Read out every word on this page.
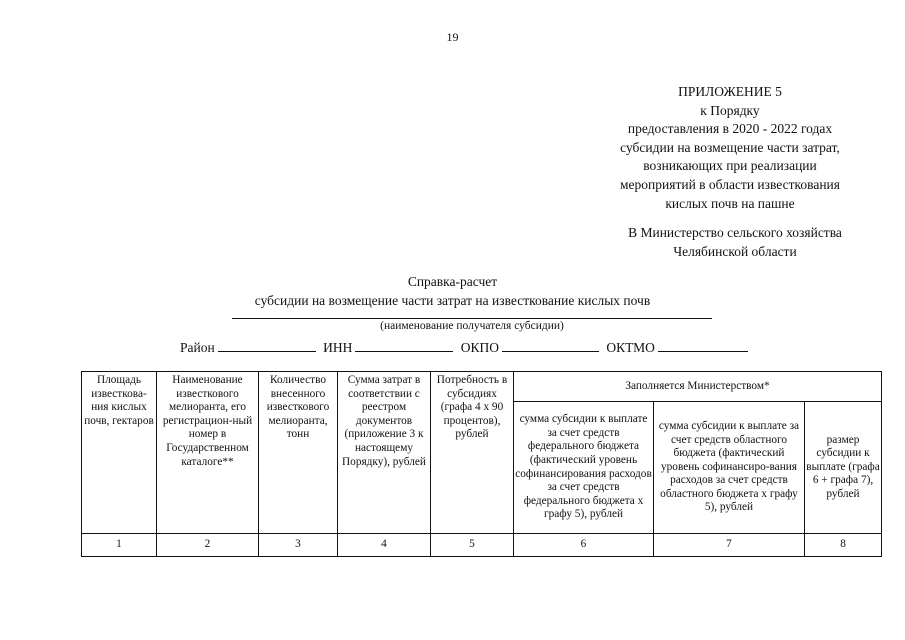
19
ПРИЛОЖЕНИЕ 5
к Порядку
предоставления в 2020 - 2022 годах
субсидии на возмещение части затрат,
возникающих при реализации
мероприятий в области известкования
кислых почв на пашне
В Министерство сельского хозяйства
Челябинской области
Справка-расчет
субсидии на возмещение части затрат на известкование кислых почв
(наименование получателя субсидии)
Район	ИНН	ОКПО	ОКТМО
Площадь известкова-ния кислых почв, гектаров	Наименование известкового мелиоранта, его регистрацион-ный номер в Государственном каталоге**	Количество внесенного известкового мелиоранта, тонн	Сумма затрат в соответствии с реестром документов (приложение 3 к настоящему Порядку), рублей	Потребность в субсидиях (графа 4 х 90 процентов), рублей	Заполняется Министерством*		
					сумма субсидии к выплате за счет средств федерального бюджета (фактический уровень софинансирования расходов за счет средств федерального бюджета х графу 5), рублей	сумма субсидии к выплате за счет средств областного бюджета (фактический уровень софинансиро-вания расходов за счет средств областного бюджета х графу 5), рублей	размер субсидии к выплате (графа 6 + графа 7), рублей
1	2	3	4	5	6	7	8
